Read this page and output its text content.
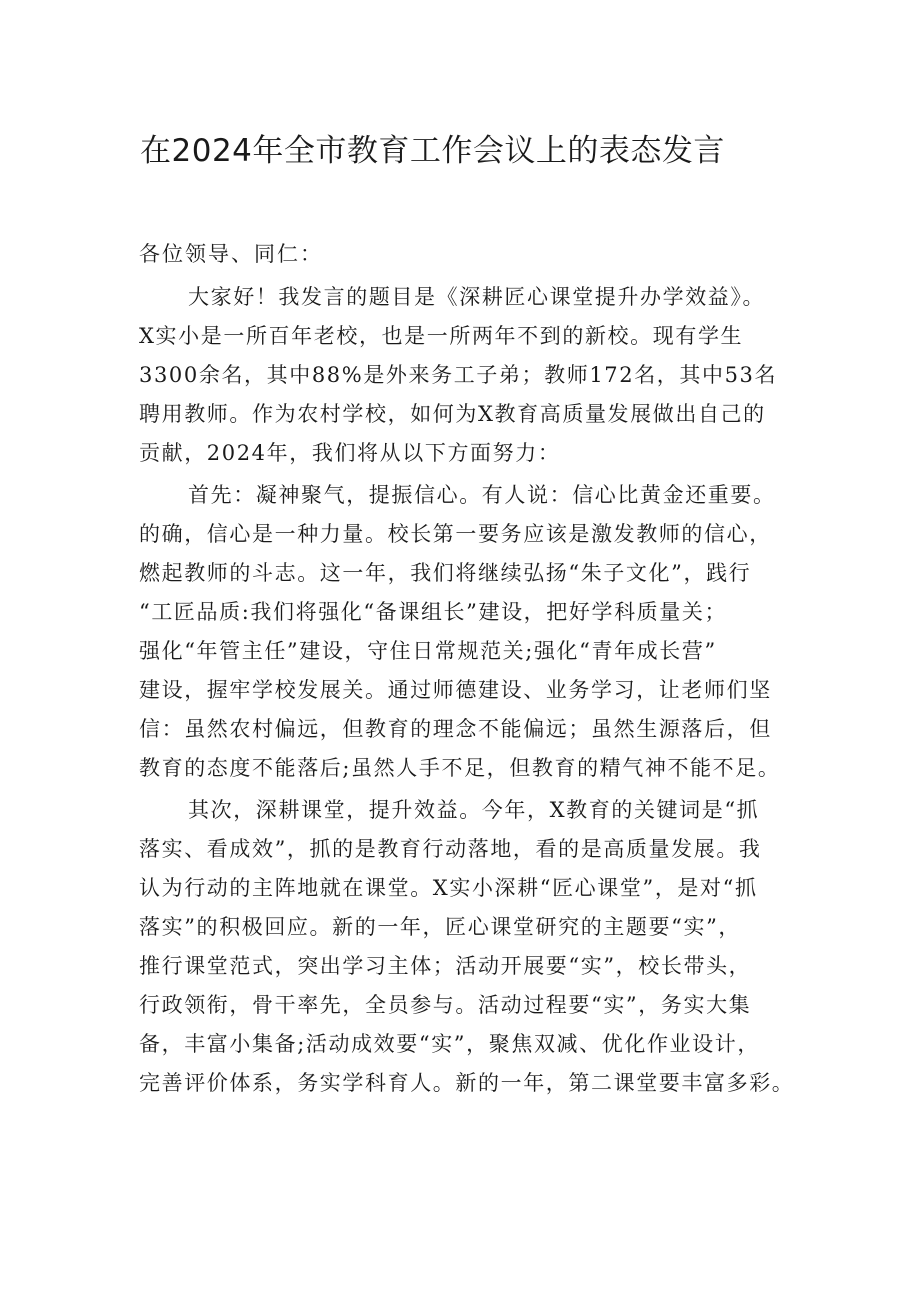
在2024年全市教育工作会议上的表态发言

各位领导、同仁：

大家好！我发言的题目是《深耕匠心课堂提升办学效益》。
X实小是一所百年老校，也是一所两年不到的新校。现有学生
3300余名，其中88%是外来务工子弟；教师172名，其中53名
聘用教师。作为农村学校，如何为X教育高质量发展做出自己的
贡献，2024年，我们将从以下方面努力：

首先：凝神聚气，提振信心。有人说：信心比黄金还重要。
的确，信心是一种力量。校长第一要务应该是激发教师的信心，
燃起教师的斗志。这一年，我们将继续弘扬“朱子文化”，践行
“工匠品质:我们将强化“备课组长”建设，把好学科质量关；
强化“年管主任”建设，守住日常规范关;强化“青年成长营”
建设，握牢学校发展关。通过师德建设、业务学习，让老师们坚
信：虽然农村偏远，但教育的理念不能偏远；虽然生源落后，但
教育的态度不能落后;虽然人手不足，但教育的精气神不能不足。

其次，深耕课堂，提升效益。今年，X教育的关键词是“抓
落实、看成效”，抓的是教育行动落地，看的是高质量发展。我
认为行动的主阵地就在课堂。X实小深耕“匠心课堂”，是对“抓
落实”的积极回应。新的一年，匠心课堂研究的主题要“实”，
推行课堂范式，突出学习主体；活动开展要“实”，校长带头，
行政领衔，骨干率先，全员参与。活动过程要“实”，务实大集
备，丰富小集备;活动成效要“实”，聚焦双减、优化作业设计，
完善评价体系，务实学科育人。新的一年，第二课堂要丰富多彩。
